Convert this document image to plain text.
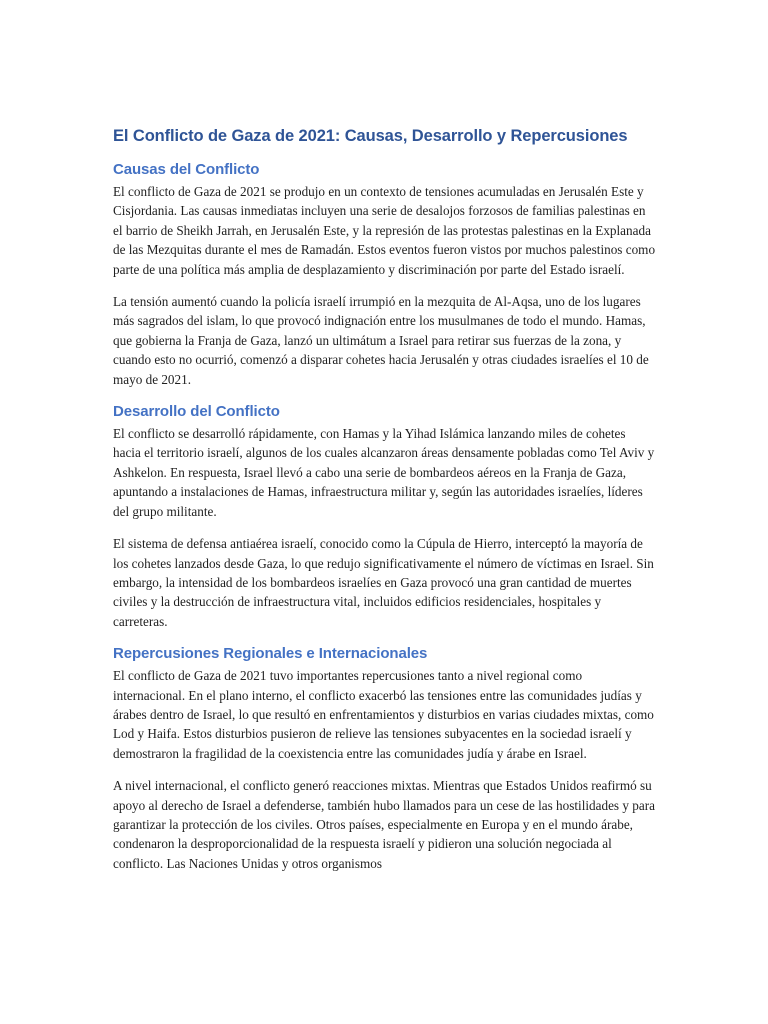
El Conflicto de Gaza de 2021: Causas, Desarrollo y Repercusiones
Causas del Conflicto

El conflicto de Gaza de 2021 se produjo en un contexto de tensiones acumuladas en Jerusalén Este y Cisjordania. Las causas inmediatas incluyen una serie de desalojos forzosos de familias palestinas en el barrio de Sheikh Jarrah, en Jerusalén Este, y la represión de las protestas palestinas en la Explanada de las Mezquitas durante el mes de Ramadán. Estos eventos fueron vistos por muchos palestinos como parte de una política más amplia de desplazamiento y discriminación por parte del Estado israelí.

La tensión aumentó cuando la policía israelí irrumpió en la mezquita de Al-Aqsa, uno de los lugares más sagrados del islam, lo que provocó indignación entre los musulmanes de todo el mundo. Hamas, que gobierna la Franja de Gaza, lanzó un ultimátum a Israel para retirar sus fuerzas de la zona, y cuando esto no ocurrió, comenzó a disparar cohetes hacia Jerusalén y otras ciudades israelíes el 10 de mayo de 2021.

Desarrollo del Conflicto

El conflicto se desarrolló rápidamente, con Hamas y la Yihad Islámica lanzando miles de cohetes hacia el territorio israelí, algunos de los cuales alcanzaron áreas densamente pobladas como Tel Aviv y Ashkelon. En respuesta, Israel llevó a cabo una serie de bombardeos aéreos en la Franja de Gaza, apuntando a instalaciones de Hamas, infraestructura militar y, según las autoridades israelíes, líderes del grupo militante.

El sistema de defensa antiaérea israelí, conocido como la Cúpula de Hierro, interceptó la mayoría de los cohetes lanzados desde Gaza, lo que redujo significativamente el número de víctimas en Israel. Sin embargo, la intensidad de los bombardeos israelíes en Gaza provocó una gran cantidad de muertes civiles y la destrucción de infraestructura vital, incluidos edificios residenciales, hospitales y carreteras.

Repercusiones Regionales e Internacionales

El conflicto de Gaza de 2021 tuvo importantes repercusiones tanto a nivel regional como internacional. En el plano interno, el conflicto exacerbó las tensiones entre las comunidades judías y árabes dentro de Israel, lo que resultó en enfrentamientos y disturbios en varias ciudades mixtas, como Lod y Haifa. Estos disturbios pusieron de relieve las tensiones subyacentes en la sociedad israelí y demostraron la fragilidad de la coexistencia entre las comunidades judía y árabe en Israel.

A nivel internacional, el conflicto generó reacciones mixtas. Mientras que Estados Unidos reafirmó su apoyo al derecho de Israel a defenderse, también hubo llamados para un cese de las hostilidades y para garantizar la protección de los civiles. Otros países, especialmente en Europa y en el mundo árabe, condenaron la desproporcionalidad de la respuesta israelí y pidieron una solución negociada al conflicto. Las Naciones Unidas y otros organismos
